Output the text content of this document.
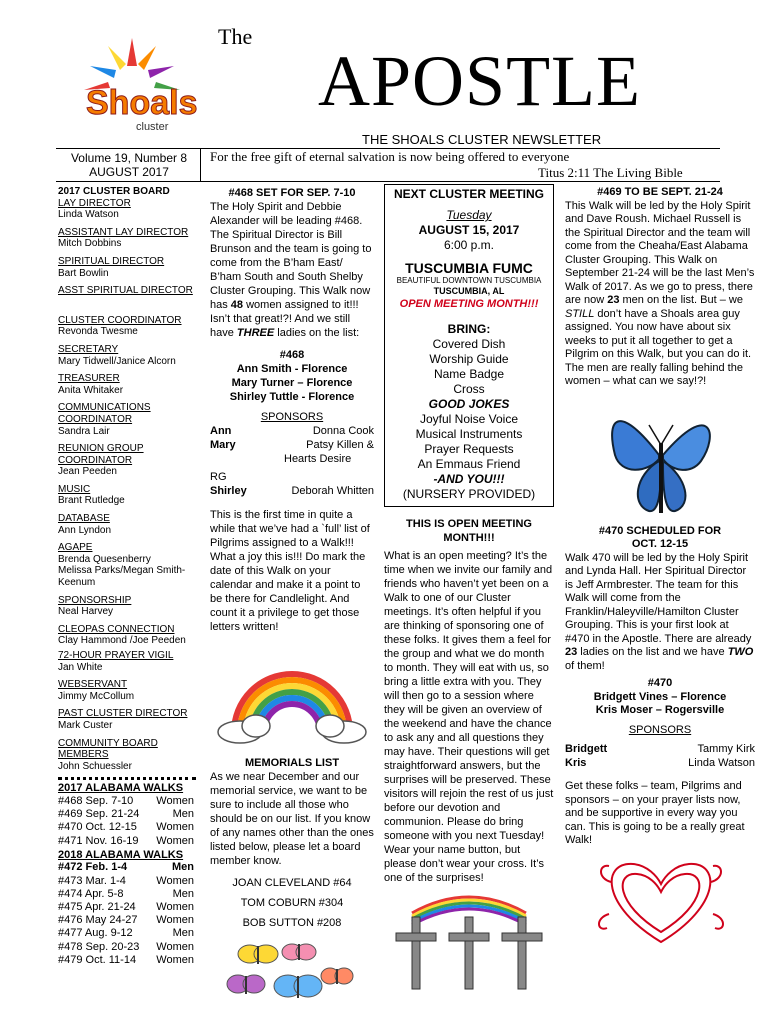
The
APOSTLE
Shoals
cluster
THE SHOALS CLUSTER NEWSLETTER
Volume 19, Number 8
AUGUST 2017
For the free gift of eternal salvation is now being offered to everyone
Titus 2:11 The Living Bible
2017 CLUSTER BOARD
LAY DIRECTOR
Linda Watson
ASSISTANT LAY DIRECTOR
Mitch Dobbins
SPIRITUAL DIRECTOR
Bart Bowlin
ASST SPIRITUAL DIRECTOR
CLUSTER COORDINATOR
Revonda Twesme
SECRETARY
Mary Tidwell/Janice Alcorn
TREASURER
Anita Whitaker
COMMUNICATIONS COORDINATOR
Sandra Lair
REUNION GROUP COORDINATOR
Jean Peeden
MUSIC
Brant Rutledge
DATABASE
Ann Lyndon
AGAPE
Brenda Quesenberry
Melissa Parks/Megan Smith-Keenum
SPONSORSHIP
Neal Harvey
CLEOPAS CONNECTION
Clay Hammond /Joe Peeden
72-HOUR PRAYER VIGIL
Jan White
WEBSERVANT
Jimmy McCollum
PAST CLUSTER DIRECTOR
Mark Custer
COMMUNITY BOARD MEMBERS
John Schuessler
2017 ALABAMA WALKS
#468 Sep. 7-10 Women
#469 Sep. 21-24	Men
#470 Oct. 12-15 Women
#471 Nov. 16-19 Women
2018 ALABAMA WALKS
#472 Feb. 1-4	Men
#473 Mar. 1-4	Women
#474 Apr. 5-8	Men
#475 Apr. 21-24 Women
#476 May 24-27 Women
#477 Aug. 9-12	Men
#478 Sep. 20-23 Women
#479 Oct. 11-14 Women
#468 SET FOR SEP. 7-10
The Holy Spirit and Debbie Alexander will be leading #468. The Spiritual Director is Bill Brunson and the team is going to come from the B’ham East/ B’ham South and South Shelby Cluster Grouping. This Walk now has 48 women assigned to it!!! Isn’t that great!?! And we still have THREE ladies on the list:
#468
Ann Smith - Florence
Mary Turner – Florence
Shirley Tuttle - Florence
SPONSORS
Ann	Donna Cook
Mary	Patsy Killen &
Hearts Desire
RG
Shirley	Deborah Whitten
This is the first time in quite a while that we’ve had a `full’ list of Pilgrims assigned to a Walk!!! What a joy this is!!! Do mark the date of this Walk on your calendar and make it a point to be there for Candlelight. And count it a privilege to get those letters written!
MEMORIALS LIST
As we near December and our memorial service, we want to be sure to include all those who should be on our list. If you know of any names other than the ones listed below, please let a board member know.
JOAN CLEVELAND #64
TOM COBURN #304
BOB SUTTON #208
NEXT CLUSTER MEETING
Tuesday
AUGUST 15, 2017
6:00 p.m.
TUSCUMBIA FUMC
BEAUTIFUL DOWNTOWN TUSCUMBIA
TUSCUMBIA, AL
OPEN MEETING MONTH!!!
BRING:
Covered Dish
Worship Guide
Name Badge
Cross
GOOD JOKES
Joyful Noise Voice
Musical Instruments
Prayer Requests
An Emmaus Friend
-AND YOU!!!
(NURSERY PROVIDED)
THIS IS OPEN MEETING MONTH!!!
What is an open meeting? It’s the time when we invite our family and friends who haven’t yet been on a Walk to one of our Cluster meetings. It’s often helpful if you are thinking of sponsoring one of these folks. It gives them a feel for the group and what we do month to month. They will eat with us, so bring a little extra with you. They will then go to a session where they will be given an overview of the weekend and have the chance to ask any and all questions they may have. Their questions will get straightforward answers, but the surprises will be preserved. These visitors will rejoin the rest of us just before our devotion and communion. Please do bring someone with you next Tuesday! Wear your name button, but please don’t wear your cross. It’s one of the surprises!
#469 TO BE SEPT. 21-24
This Walk will be led by the Holy Spirit and Dave Roush. Michael Russell is the Spiritual Director and the team will come from the Cheaha/East Alabama Cluster Grouping. This Walk on September 21-24 will be the last Men’s Walk of 2017. As we go to press, there are now 23 men on the list. But – we STILL don’t have a Shoals area guy assigned. You now have about six weeks to put it all together to get a Pilgrim on this Walk, but you can do it. The men are really falling behind the women – what can we say!?!
#470 SCHEDULED FOR OCT. 12-15
Walk 470 will be led by the Holy Spirit and Lynda Hall. Her Spiritual Director is Jeff Armbrester. The team for this Walk will come from the Franklin/Haleyville/Hamilton Cluster Grouping. This is your first look at #470 in the Apostle. There are already 23 ladies on the list and we have TWO of them!
#470
Bridgett Vines – Florence
Kris Moser – Rogersville
SPONSORS
Bridgett	Tammy Kirk
Kris	Linda Watson
Get these folks – team, Pilgrims and sponsors – on your prayer lists now, and be supportive in every way you can. This is going to be a really great Walk!
